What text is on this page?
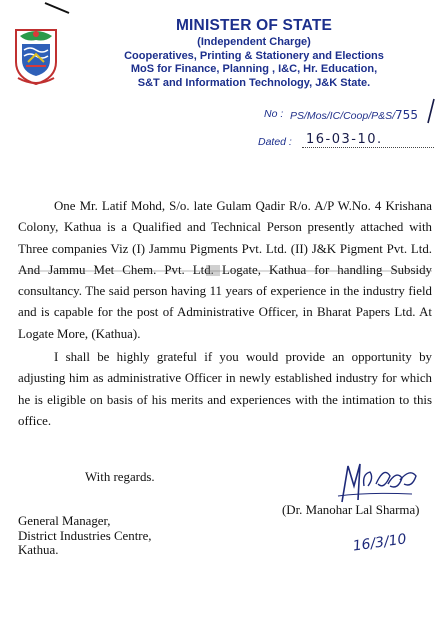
MINISTER OF STATE
(Independent Charge)
Cooperatives, Printing & Stationery and Elections
MoS for Finance, Planning , I&C, Hr. Education,
S&T and Information Technology, J&K State.
No : PS/Mos/IC/Coop/P&S/755
Dated :	16-03-10.

One Mr. Latif Mohd, S/o. late Gulam Qadir R/o. A/P W.No. 4 Krishana Colony, Kathua is a Qualified and Technical Person presently attached with Three companies Viz (I) Jammu Pigments Pvt. Ltd. (II) J&K Pigment Pvt. Ltd. And Jammu Met Chem. Pvt. Ltd. Logate, Kathua for handling Subsidy consultancy. The said person having 11 years of experience in the industry field and is capable for the post of Administrative Officer, in Bharat Papers Ltd. At Logate More, (Kathua).

I shall be highly grateful if you would provide an opportunity by adjusting him as administrative Officer in newly established industry for which he is eligible on basis of his merits and experiences with the intimation to this office.

With regards.
(Dr. Manohar Lal Sharma)
16/3/10
General Manager,
District Industries Centre,
Kathua.
